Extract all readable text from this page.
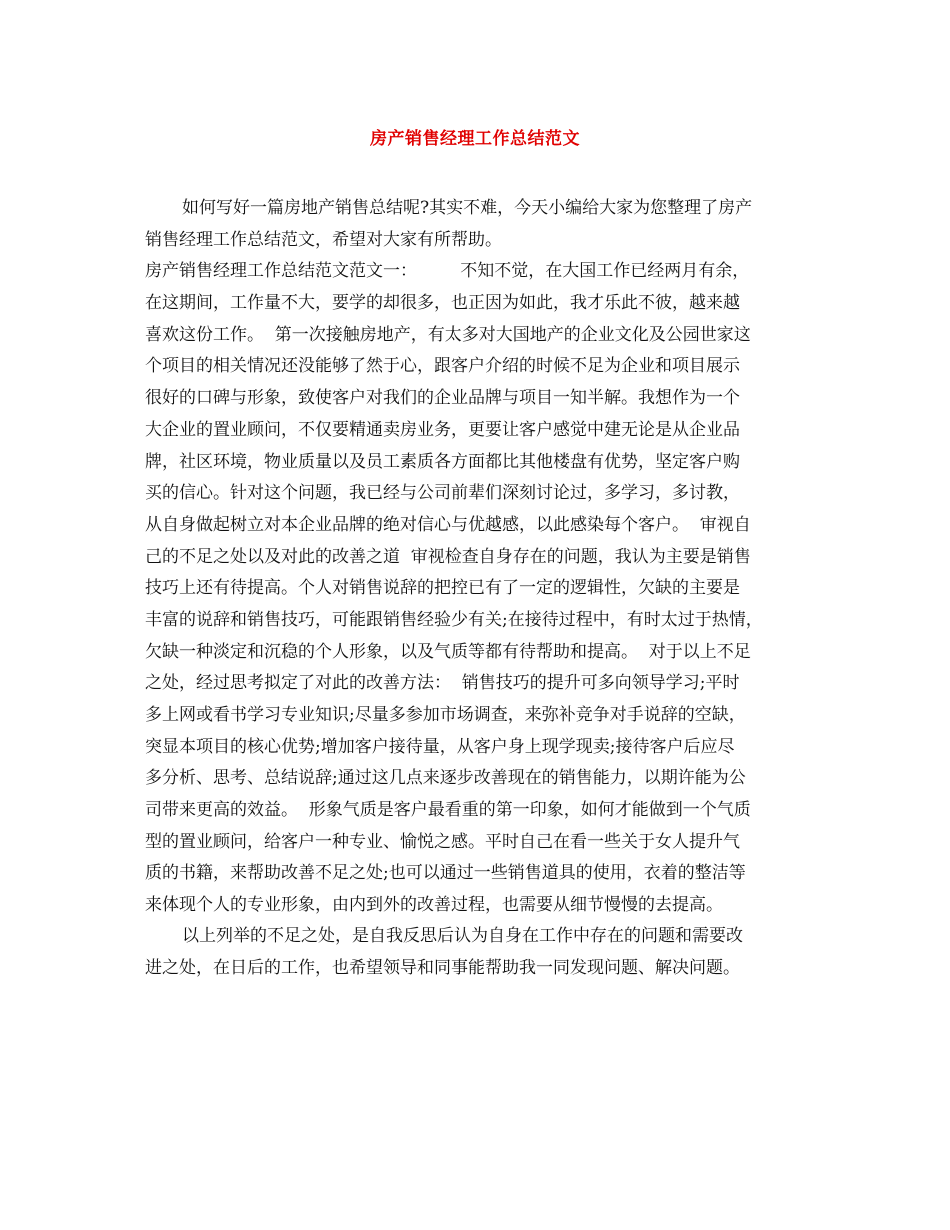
房产销售经理工作总结范文
如何写好一篇房地产销售总结呢?其实不难，今天小编给大家为您整理了房产
销售经理工作总结范文，希望对大家有所帮助。
房产销售经理工作总结范文范文一：        不知不觉，在大国工作已经两月有余，
在这期间，工作量不大，要学的却很多，也正因为如此，我才乐此不彼，越来越
喜欢这份工作。  第一次接触房地产，有太多对大国地产的企业文化及公园世家这
个项目的相关情况还没能够了然于心，跟客户介绍的时候不足为企业和项目展示
很好的口碑与形象，致使客户对我们的企业品牌与项目一知半解。我想作为一个
大企业的置业顾问，不仅要精通卖房业务，更要让客户感觉中建无论是从企业品
牌，社区环境，物业质量以及员工素质各方面都比其他楼盘有优势，坚定客户购
买的信心。针对这个问题，我已经与公司前辈们深刻讨论过，多学习，多讨教，
从自身做起树立对本企业品牌的绝对信心与优越感，以此感染每个客户。  审视自
己的不足之处以及对此的改善之道  审视检查自身存在的问题，我认为主要是销售
技巧上还有待提高。个人对销售说辞的把控已有了一定的逻辑性，欠缺的主要是
丰富的说辞和销售技巧，可能跟销售经验少有关;在接待过程中，有时太过于热情，
欠缺一种淡定和沉稳的个人形象，以及气质等都有待帮助和提高。  对于以上不足
之处，经过思考拟定了对此的改善方法：  销售技巧的提升可多向领导学习;平时
多上网或看书学习专业知识;尽量多参加市场调查，来弥补竞争对手说辞的空缺，
突显本项目的核心优势;增加客户接待量，从客户身上现学现卖;接待客户后应尽
多分析、思考、总结说辞;通过这几点来逐步改善现在的销售能力，以期许能为公
司带来更高的效益。  形象气质是客户最看重的第一印象，如何才能做到一个气质
型的置业顾问，给客户一种专业、愉悦之感。平时自己在看一些关于女人提升气
质的书籍，来帮助改善不足之处;也可以通过一些销售道具的使用，衣着的整洁等
来体现个人的专业形象，由内到外的改善过程，也需要从细节慢慢的去提高。
以上列举的不足之处，是自我反思后认为自身在工作中存在的问题和需要改
进之处，在日后的工作，也希望领导和同事能帮助我一同发现问题、解决问题。
